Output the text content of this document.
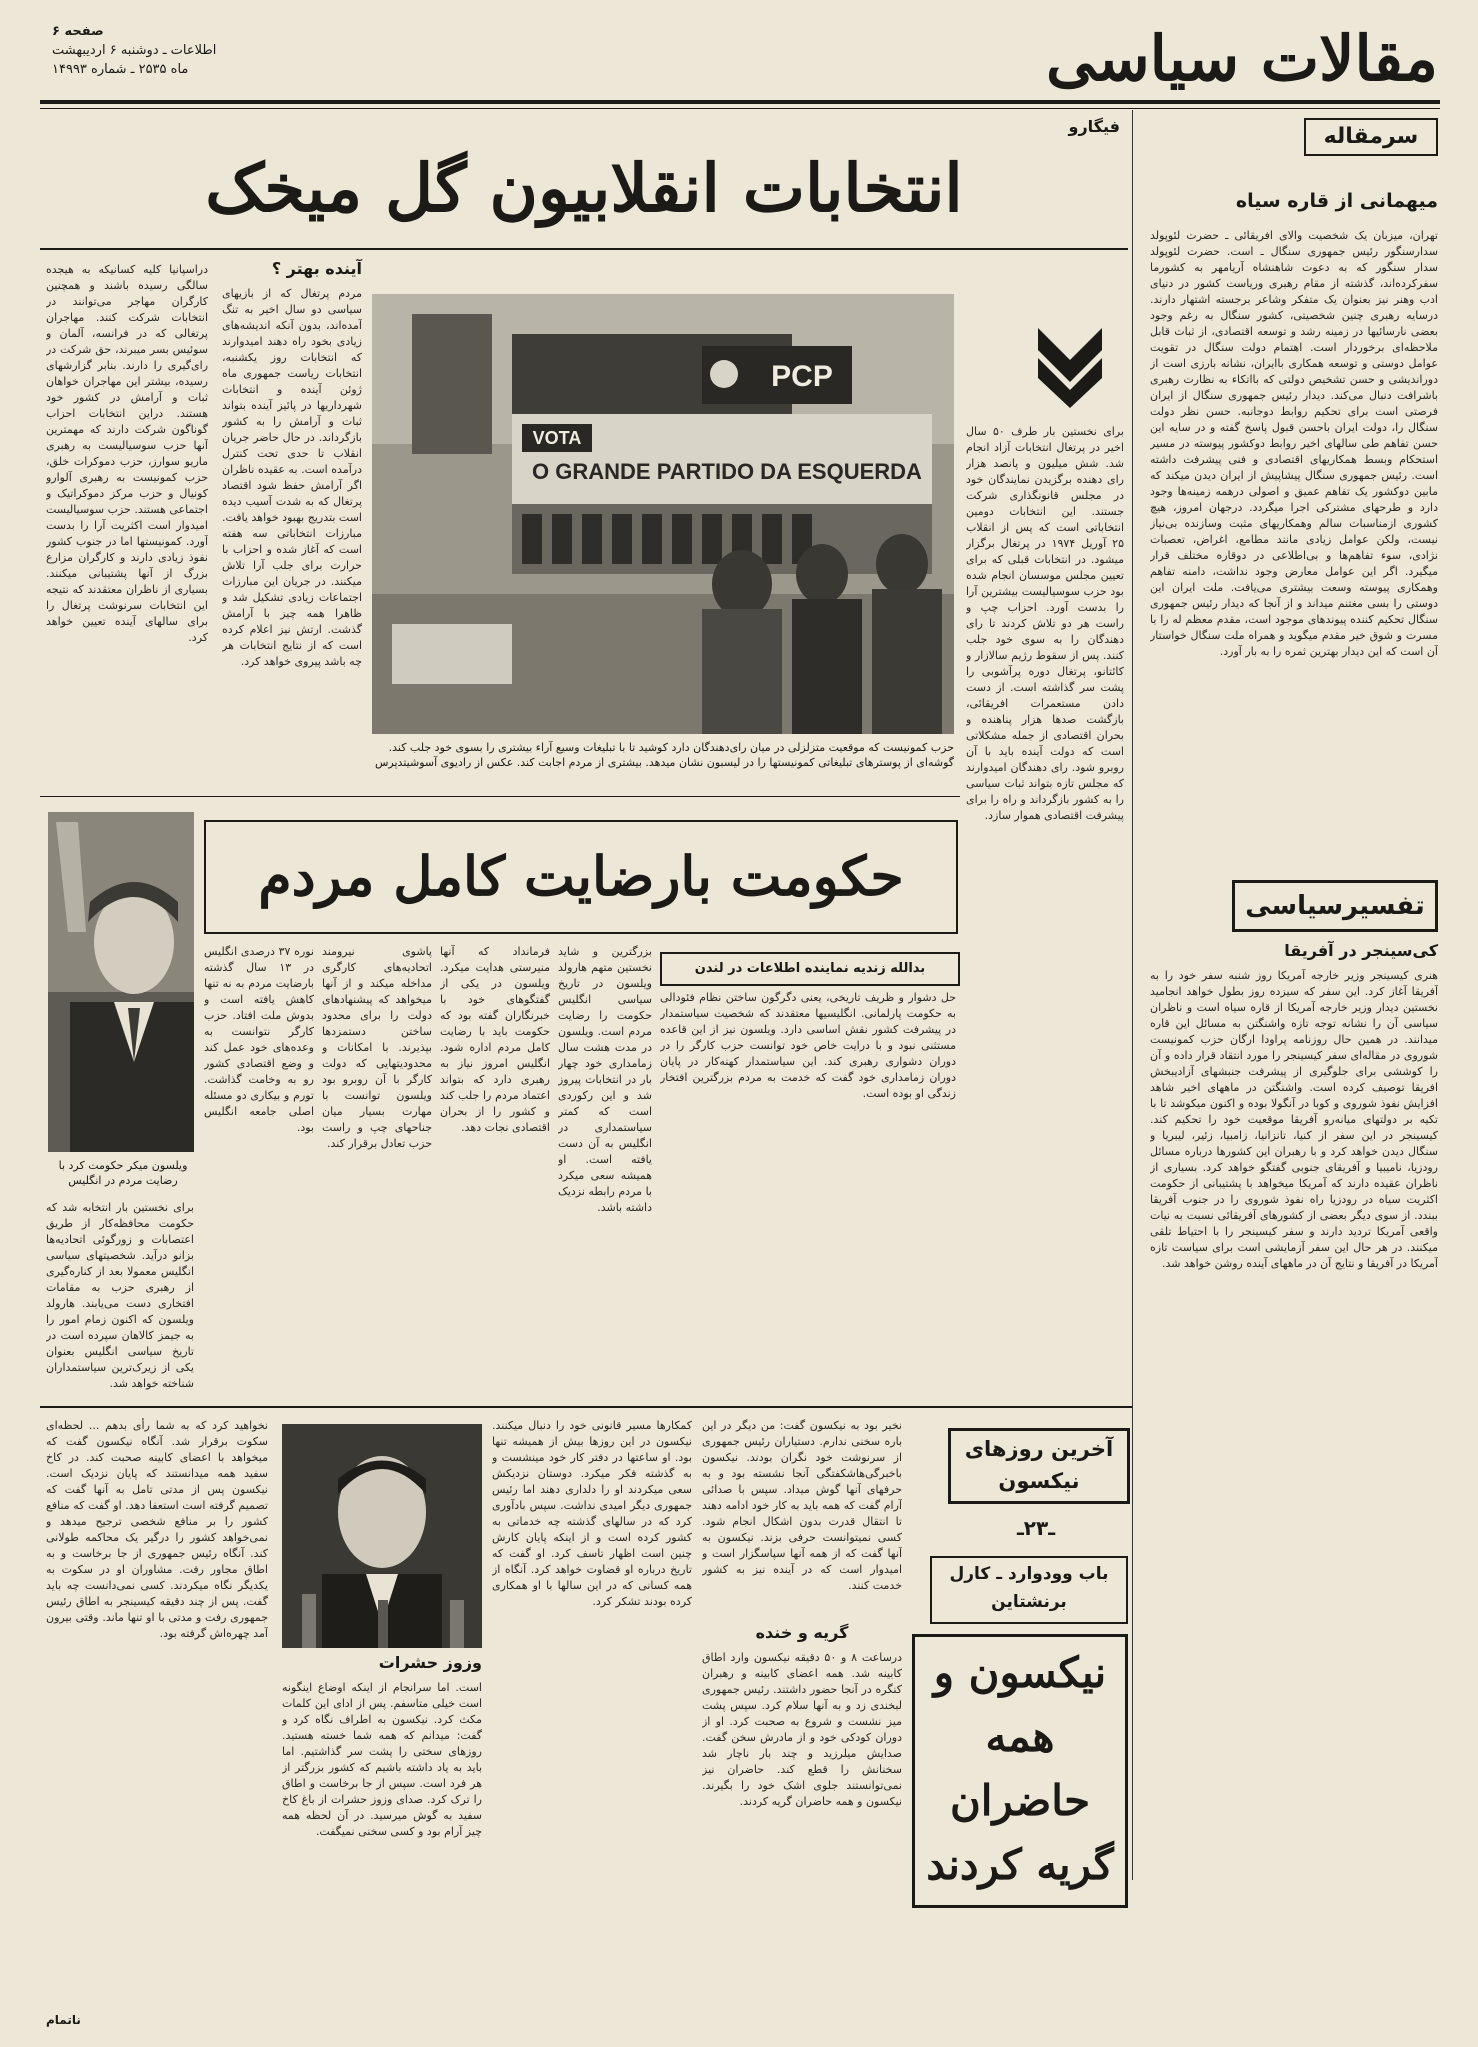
مقالات سیاسی
صفحه ۶
اطلاعات ـ دوشنبه ۶ اردیبهشت
ماه ۲۵۳۵ ـ شماره ۱۴۹۹۳
سرمقاله
میهمانی از قاره سیاه
تهران، میزبان یک شخصیت والای افریقائی ـ حضرت لئوپولد سدارسنگور رئیس جمهوری سنگال ـ است. حضرت لئوپولد سدار سنگور که به دعوت شاهنشاه آریامهر به کشورما سفرکرده‌اند، گذشته از مقام رهبری وریاست کشور در دنیای ادب وهنر نیز بعنوان یک متفکر وشاعر برجسته اشتهار دارند. درسایه رهبری چنین شخصیتی، کشور سنگال به رغم وجود بعضی نارسائیها در زمینه رشد و توسعه اقتصادی، از ثبات قابل ملاحظه‌ای برخوردار است. اهتمام دولت سنگال در تقویت عوامل دوستی و توسعه همکاری باایران، نشانه بارزی است از دوراندیشی و حسن تشخیص دولتی که بااتکاء به نظارت رهبری باشرافت دنبال می‌کند. دیدار رئیس جمهوری سنگال از ایران فرصتی است برای تحکیم روابط دوجانبه. حسن نظر دولت سنگال را، دولت ایران باحسن قبول پاسخ گفته و در سایه این حسن تفاهم طی سالهای اخیر روابط دوکشور پیوسته در مسیر استحکام وبسط همکاریهای اقتصادی و فنی پیشرفت داشته است. رئیس جمهوری سنگال پیشاپیش از ایران دیدن میکند که مابین دوکشور یک تفاهم عمیق و اصولی درهمه زمینه‌ها وجود دارد و طرحهای مشترکی اجرا میگردد. درجهان امروز، هیچ کشوری ازمناسبات سالم وهمکاریهای مثبت وسازنده بی‌نیاز نیست، ولکن عوامل زیادی مانند مطامع، اغراض، تعصبات نژادی، سوء تفاهم‌ها و بی‌اطلاعی در دوقاره مختلف قرار میگیرد. اگر این عوامل معارض وجود نداشت، دامنه تفاهم وهمکاری پیوسته وسعت بیشتری می‌یافت. ملت ایران این دوستی را بسی مغتنم میداند و از آنجا که دیدار رئیس جمهوری سنگال تحکیم کننده پیوندهای موجود است، مقدم معظم له را با مسرت و شوق خیر مقدم میگوید و همراه ملت سنگال خواستار آن است که این دیدار بهترین ثمره را به بار آورد.
تفسیرسیاسی
کی‌سینجر در آفریقا
هنری کیسینجر وزیر خارجه آمریکا روز شنبه سفر خود را به آفریقا آغاز کرد. این سفر که سیزده روز بطول خواهد انجامید نخستین دیدار وزیر خارجه آمریکا از قاره سیاه است و ناظران سیاسی آن را نشانه توجه تازه واشنگتن به مسائل این قاره میدانند. در همین حال روزنامه پراودا ارگان حزب کمونیست شوروی در مقاله‌ای سفر کیسینجر را مورد انتقاد قرار داده و آن را کوششی برای جلوگیری از پیشرفت جنبشهای آزادیبخش افریقا توصیف کرده است. واشنگتن در ماههای اخیر شاهد افزایش نفوذ شوروی و کوبا در آنگولا بوده و اکنون میکوشد تا با تکیه بر دولتهای میانه‌رو آفریقا موقعیت خود را تحکیم کند. کیسینجر در این سفر از کنیا، تانزانیا، زامبیا، زئیر، لیبریا و سنگال دیدن خواهد کرد و با رهبران این کشورها درباره مسائل رودزیا، نامیبیا و آفریقای جنوبی گفتگو خواهد کرد. بسیاری از ناظران عقیده دارند که آمریکا میخواهد با پشتیبانی از حکومت اکثریت سیاه در رودزیا راه نفوذ شوروی را در جنوب آفریقا ببندد. از سوی دیگر بعضی از کشورهای آفریقائی نسبت به نیات واقعی آمریکا تردید دارند و سفر کیسینجر را با احتیاط تلقی میکنند. در هر حال این سفر آزمایشی است برای سیاست تازه آمریکا در آفریقا و نتایج آن در ماههای آینده روشن خواهد شد.
فیگارو
انتخابات انقلابیون گل میخک
آینده بهتر ؟
دراسپانیا کلیه کسانیکه به هیجده سالگی رسیده باشند و همچنین کارگران مهاجر می‌توانند در انتخابات شرکت کنند. مهاجران پرتغالی که در فرانسه، آلمان و سوئیس بسر میبرند، حق شرکت در رای‌گیری را دارند. بنابر گزارشهای رسیده، بیشتر این مهاجران خواهان ثبات و آرامش در کشور خود هستند. دراین انتخابات احزاب گوناگون شرکت دارند که مهمترین آنها حزب سوسیالیست به رهبری ماریو سوارز، حزب دموکرات خلق، حزب کمونیست به رهبری آلوارو کونیال و حزب مرکز دموکراتیک و اجتماعی هستند. حزب سوسیالیست امیدوار است اکثریت آرا را بدست آورد. کمونیستها اما در جنوب کشور نفوذ زیادی دارند و کارگران مزارع بزرگ از آنها پشتیبانی میکنند. بسیاری از ناظران معتقدند که نتیجه این انتخابات سرنوشت پرتغال را برای سالهای آینده تعیین خواهد کرد.
مردم پرتغال که از بازیهای سیاسی دو سال اخیر به تنگ آمده‌اند، بدون آنکه اندیشه‌های زیادی بخود راه دهند امیدوارند که انتخابات روز یکشنبه، انتخابات ریاست جمهوری ماه ژوئن آینده و انتخابات شهرداریها در پائیز آینده بتواند ثبات و آرامش را به کشور بازگرداند. در حال حاضر جریان انقلاب تا حدی تحت کنترل درآمده است. به عقیده ناظران اگر آرامش حفظ شود اقتصاد پرتغال که به شدت آسیب دیده است بتدریج بهبود خواهد یافت. مبارزات انتخاباتی سه هفته است که آغاز شده و احزاب با حرارت برای جلب آرا تلاش میکنند. در جریان این مبارزات اجتماعات زیادی تشکیل شد و ظاهرا همه چیز با آرامش گذشت. ارتش نیز اعلام کرده است که از نتایج انتخابات هر چه باشد پیروی خواهد کرد.
VOTA
PCP
O GRANDE PARTIDO DA ESQUERDA
حزب کمونیست که موقعیت متزلزلی در میان رای‌دهندگان دارد کوشید تا با تبلیغات وسیع آراء بیشتری را بسوی خود جلب کند. گوشه‌ای از پوسترهای تبلیغاتی کمونیستها را در لیسبون نشان میدهد. بیشتری از مردم اجابت کند. عکس از رادیوی آسوشیتدپرس
برای نخستین بار طرف ۵۰ سال اخیر در پرتغال انتخابات آزاد انجام شد. شش میلیون و پانصد هزار رای دهنده برگزیدن نمایندگان خود در مجلس قانونگذاری شرکت جستند. این انتخابات دومین انتخاباتی است که پس از انقلاب ۲۵ آوریل ۱۹۷۴ در پرتغال برگزار میشود. در انتخابات قبلی که برای تعیین مجلس موسسان انجام شده بود حزب سوسیالیست بیشترین آرا را بدست آورد. احزاب چپ و راست هر دو تلاش کردند تا رای دهندگان را به سوی خود جلب کنند. پس از سقوط رژیم سالازار و کائتانو، پرتغال دوره پرآشوبی را پشت سر گذاشته است. از دست دادن مستعمرات افریقائی، بازگشت صدها هزار پناهنده و بحران اقتصادی از جمله مشکلاتی است که دولت آینده باید با آن روبرو شود. رای دهندگان امیدوارند که مجلس تازه بتواند ثبات سیاسی را به کشور بازگرداند و راه را برای پیشرفت اقتصادی هموار سازد.
ویلسون میکر حکومت کرد با رضایت مردم در انگلیس
حکومت بارضایت کامل مردم
بدالله زندیه نماینده اطلاعات در لندن
برای نخستین بار انتخابه شد که حکومت محافظه‌کار از طریق اعتصابات و زورگوئی اتحادیه‌ها بزانو درآید. شخصیتهای سیاسی انگلیس معمولا بعد از کناره‌گیری از رهبری حزب به مقامات افتخاری دست می‌یابند. هارولد ویلسون که اکنون زمام امور را به جیمز کالاهان سپرده است در تاریخ سیاسی انگلیس بعنوان یکی از زیرک‌ترین سیاستمداران شناخته خواهد شد.
نوره ۳۷ درصدی انگلیس در ۱۳ سال گذشته بارضایت مردم به نه تنها کاهش یافته است و بدوش ملت افتاد. حزب کارگر نتوانست به وعده‌های خود عمل کند و وضع اقتصادی کشور رو به وخامت گذاشت. تورم و بیکاری دو مسئله اصلی جامعه انگلیس بود.
پاشوی نیرومند اتحادیه‌های کارگری مداخله میکند و از آنها میخواهد که پیشنهادهای دولت را برای محدود ساختن دستمزدها بپذیرند. با امکانات و محدودیتهایی که دولت کارگر با آن روبرو بود ویلسون توانست با مهارت بسیار میان جناحهای چپ و راست حزب تعادل برقرار کند.
فرمانداد که آنها منیرستی هدایت میکرد. ویلسون در یکی از گفتگوهای خود با خبرنگاران گفته بود که حکومت باید با رضایت کامل مردم اداره شود. انگلیس امروز نیاز به رهبری دارد که بتواند اعتماد مردم را جلب کند و کشور را از بحران اقتصادی نجات دهد.
بزرگترین و شاید نخستین متهم هارولد ویلسون در تاریخ سیاسی انگلیس حکومت را رضایت مردم است. ویلسون در مدت هشت سال زمامداری خود چهار بار در انتخابات پیروز شد و این رکوردی است که کمتر سیاستمداری در انگلیس به آن دست یافته است. او همیشه سعی میکرد با مردم رابطه نزدیک داشته باشد.
حل دشوار و ظریف تاریخی، یعنی دگرگون ساختن نظام فئودالی به حکومت پارلمانی. انگلیسیها معتقدند که شخصیت سیاستمدار در پیشرفت کشور نقش اساسی دارد. ویلسون نیز از این قاعده مستثنی نبود و با درایت خاص خود توانست حزب کارگر را در دوران دشواری رهبری کند. این سیاستمدار کهنه‌کار در پایان دوران زمامداری خود گفت که خدمت به مردم بزرگترین افتخار زندگی او بوده است.
نخواهید کرد که به شما رأی بدهم ... لحظه‌ای سکوت برقرار شد. آنگاه نیکسون گفت که میخواهد با اعضای کابینه صحبت کند. در کاخ سفید همه میدانستند که پایان نزدیک است. نیکسون پس از مدتی تامل به آنها گفت که تصمیم گرفته است استعفا دهد. او گفت که منافع کشور را بر منافع شخصی ترجیح میدهد و نمی‌خواهد کشور را درگیر یک محاکمه طولانی کند. آنگاه رئیس جمهوری از جا برخاست و به اطاق مجاور رفت. مشاوران او در سکوت به یکدیگر نگاه میکردند. کسی نمی‌دانست چه باید گفت. پس از چند دقیقه کیسینجر به اطاق رئیس جمهوری رفت و مدتی با او تنها ماند. وقتی بیرون آمد چهره‌اش گرفته بود.
ناتمام
وزوز حشرات
است. اما سرانجام از اینکه اوضاع اینگونه است خیلی متاسفم. پس از ادای این کلمات مکث کرد. نیکسون به اطراف نگاه کرد و گفت: میدانم که همه شما خسته هستید. روزهای سختی را پشت سر گذاشتیم. اما باید به یاد داشته باشیم که کشور بزرگتر از هر فرد است. سپس از جا برخاست و اطاق را ترک کرد. صدای وزوز حشرات از باغ کاخ سفید به گوش میرسید. در آن لحظه همه چیز آرام بود و کسی سخنی نمیگفت.
کمکارها مسیر قانونی خود را دنبال میکنند. نیکسون در این روزها بیش از همیشه تنها بود. او ساعتها در دفتر کار خود مینشست و به گذشته فکر میکرد. دوستان نزدیکش سعی میکردند او را دلداری دهند اما رئیس جمهوری دیگر امیدی نداشت. سپس بادآوری کرد که در سالهای گذشته چه خدماتی به کشور کرده است و از اینکه پایان کارش چنین است اظهار تاسف کرد. او گفت که تاریخ درباره او قضاوت خواهد کرد. آنگاه از همه کسانی که در این سالها با او همکاری کرده بودند تشکر کرد.
نخیر بود به نیکسون گفت: من دیگر در این باره سخنی ندارم. دستیاران رئیس جمهوری از سرنوشت خود نگران بودند. نیکسون باخبرگی‌هاشکفتگی آنجا نشسته بود و به حرفهای آنها گوش میداد. سپس با صدائی آرام گفت که همه باید به کار خود ادامه دهند تا انتقال قدرت بدون اشکال انجام شود. کسی نمیتوانست حرفی بزند. نیکسون به آنها گفت که از همه آنها سپاسگزار است و امیدوار است که در آینده نیز به کشور خدمت کنند.
گریه و خنده
درساعت ۸ و ۵۰ دقیقه نیکسون وارد اطاق کابینه شد. همه اعضای کابینه و رهبران کنگره در آنجا حضور داشتند. رئیس جمهوری لبخندی زد و به آنها سلام کرد. سپس پشت میز نشست و شروع به صحبت کرد. او از دوران کودکی خود و از مادرش سخن گفت. صدایش میلرزید و چند بار ناچار شد سخنانش را قطع کند. حاضران نیز نمی‌توانستند جلوی اشک خود را بگیرند. نیکسون و همه حاضران گریه کردند.
آخرین روزهای نیکسون
ـ۲۳ـ
باب وودوارد ـ کارل برنشتاین
نیکسون و همه حاضران گریه کردند
